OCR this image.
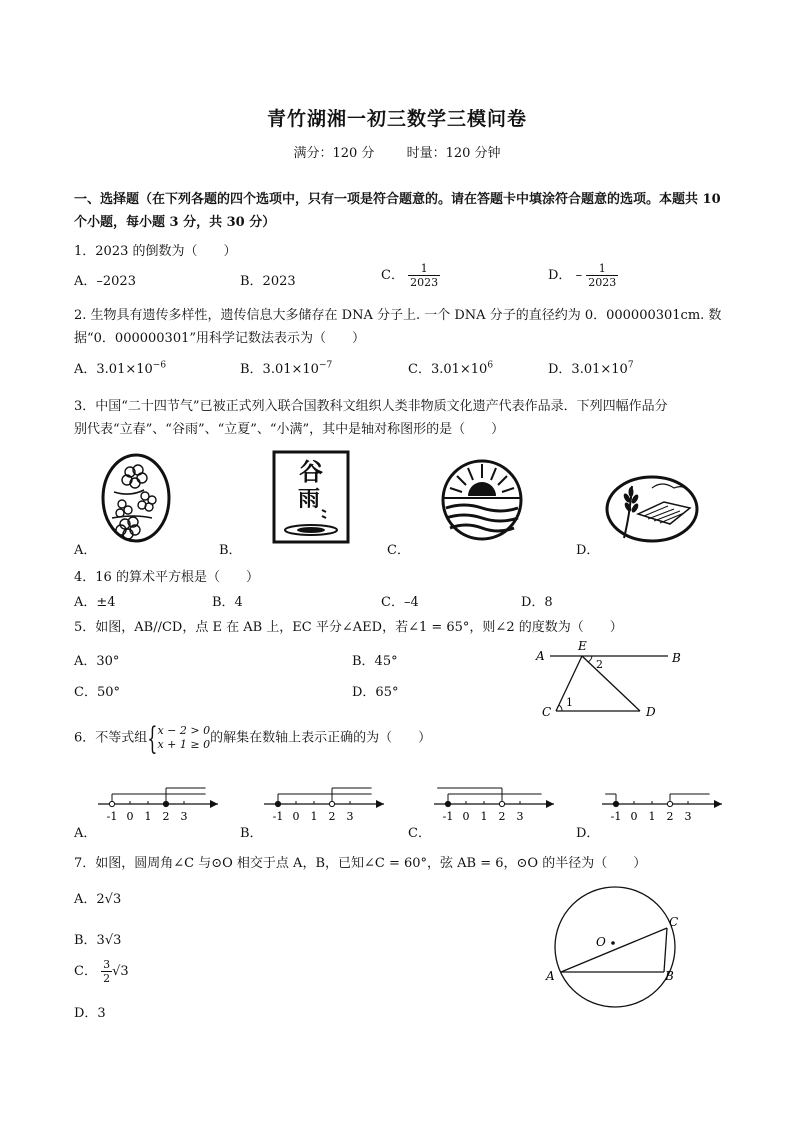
青竹湖湘一初三数学三模问卷
满分：120 分 时量：120 分钟
一、选择题（在下列各题的四个选项中，只有一项是符合题意的。请在答题卡中填涂符合题意的选项。本题共 10 个小题，每小题 3 分，共 30 分）
1．2023 的倒数为（　　）
A．–2023	B．2023	C． $\frac{1}{2023}$	D． – $\frac{1}{2023}$
2. 生物具有遗传多样性，遗传信息大多储存在 DNA 分子上. 一个 DNA 分子的直径约为 0．000000301cm. 数
据“0．000000301”用科学记数法表示为（　　）
A．$3.01\times 10^{-6}$	B．$3.01\times 10^{-7}$	C．$3.01\times 10^6$	D．$3.01\times 10^7$
3．中国“二十四节气”已被正式列入联合国教科文组织人类非物质文化遗产代表作品录．下列四幅作品分
别代表“立春”、“谷雨”、“立夏”、“小满”，其中是轴对称图形的是（　　）
谷
雨
A．	B．	C．	D．
4．16 的算术平方根是（　　）
A．±4	B．4	C．–4	D．8
5．如图，AB//CD，点 E 在 AB 上，EC 平分∠AED，若∠1 = 65°，则∠2 的度数为（　　）
A．30°	B．45°
C．50°	D．65°
A
E
B
C	D
1
2
6．不等式组{ x − 2 > 0
x + 1 ≥ 0 的解集在数轴上表示正确的为（　　）
-1 0 1 2 3	-1 0 1 2 3	-1 0 1 2 3	-1 0 1 2 3
A．	B．	C．	D．
7．如图，圆周角∠C 与⊙O 相交于点 A，B，已知∠C = 60°，弦 AB = 6，⊙O 的半径为（　　）
A．2√3
B．3√3
C． $\frac{3}{2} √3$
D．3
O
A	B
C
